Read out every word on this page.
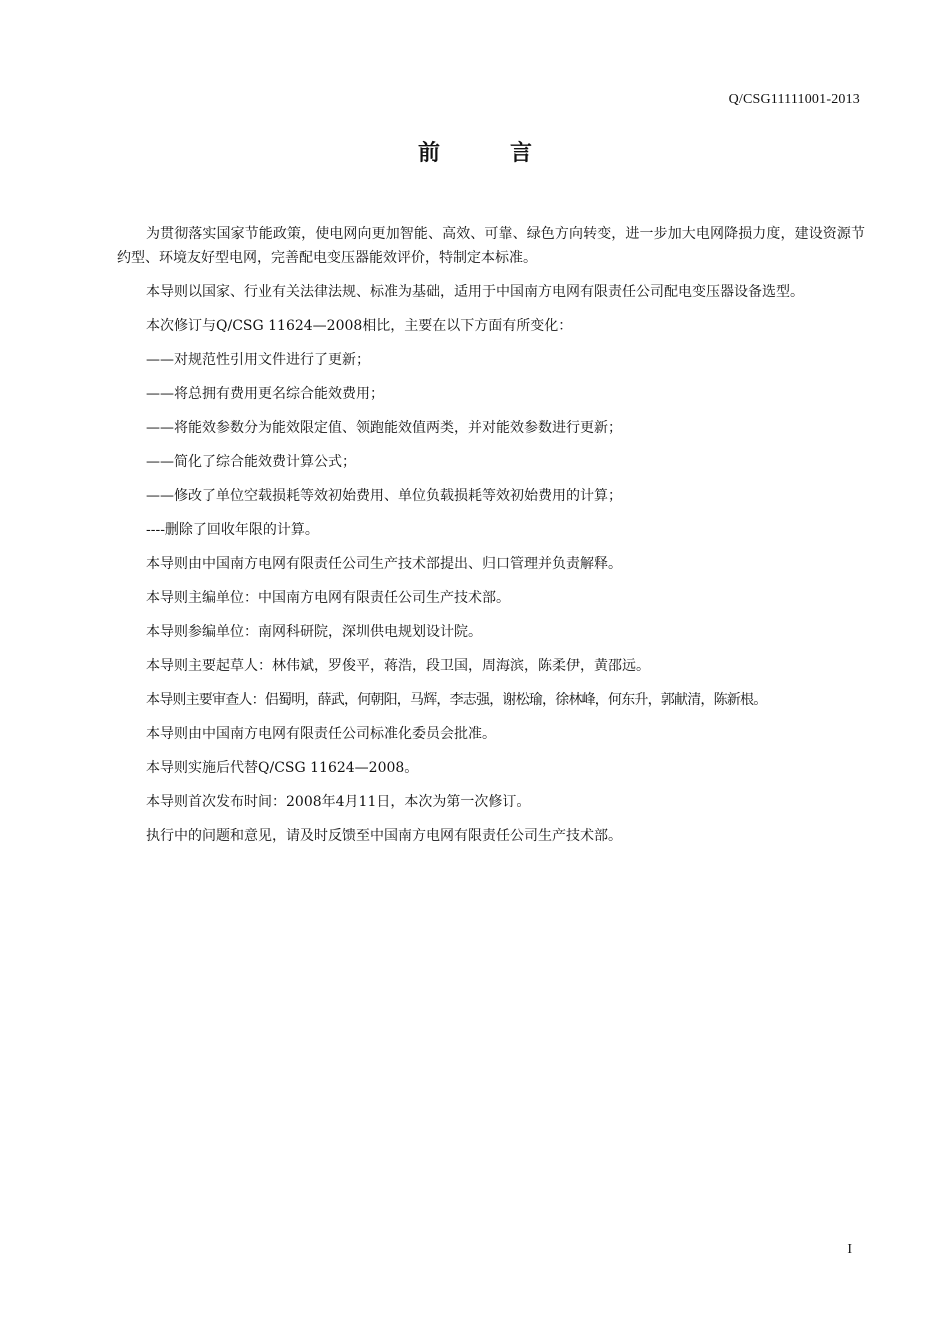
Q/CSG11111001-2013
前　言

为贯彻落实国家节能政策，使电网向更加智能、高效、可靠、绿色方向转变，进一步加大电网降损力度，建设资源节约型、环境友好型电网，完善配电变压器能效评价，特制定本标准。

本导则以国家、行业有关法律法规、标准为基础，适用于中国南方电网有限责任公司配电变压器设备选型。

本次修订与Q/CSG 11624—2008相比，主要在以下方面有所变化：

——对规范性引用文件进行了更新；

——将总拥有费用更名综合能效费用；

——将能效参数分为能效限定值、领跑能效值两类，并对能效参数进行更新；

——简化了综合能效费计算公式；

——修改了单位空载损耗等效初始费用、单位负载损耗等效初始费用的计算；

----删除了回收年限的计算。

本导则由中国南方电网有限责任公司生产技术部提出、归口管理并负责解释。

本导则主编单位：中国南方电网有限责任公司生产技术部。

本导则参编单位：南网科研院，深圳供电规划设计院。

本导则主要起草人：林伟斌，罗俊平，蒋浩，段卫国，周海滨，陈柔伊，黄邵远。

本导则主要审查人：侣蜀明，薛武，何朝阳，马辉，李志强，谢松瑜，徐林峰，何东升，郭献清，陈新根。

本导则由中国南方电网有限责任公司标准化委员会批准。

本导则实施后代替Q/CSG 11624—2008。

本导则首次发布时间：2008年4月11日，本次为第一次修订。

执行中的问题和意见，请及时反馈至中国南方电网有限责任公司生产技术部。

I
